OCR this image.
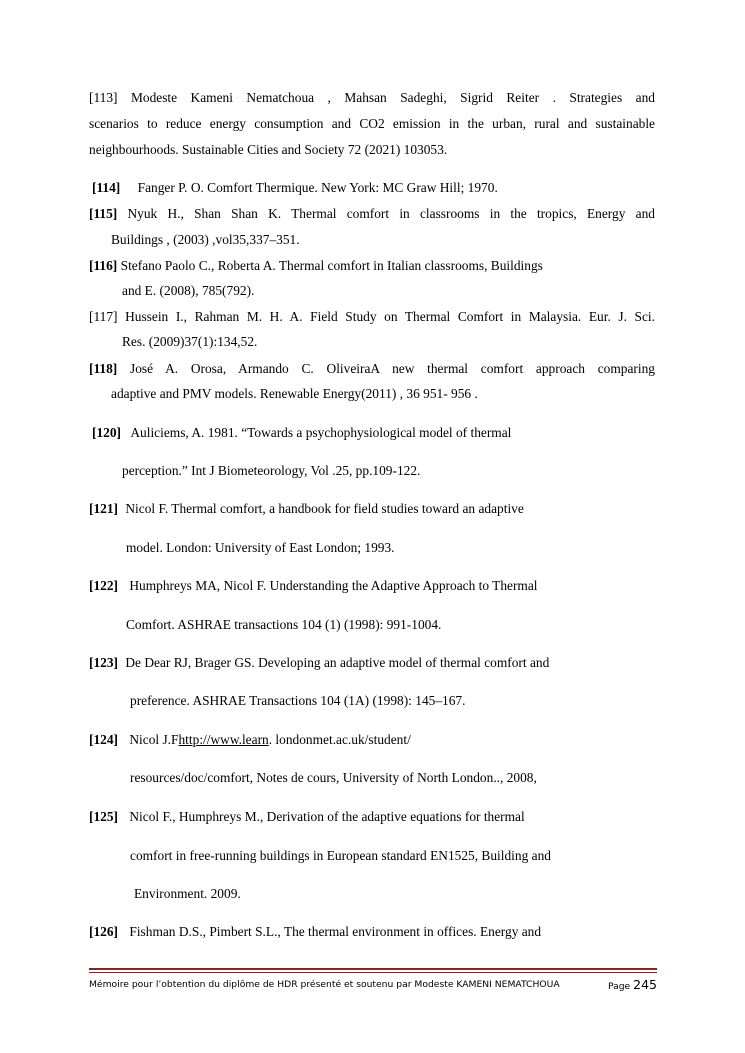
[113] Modeste Kameni Nematchoua , Mahsan Sadeghi, Sigrid Reiter . Strategies and
scenarios to reduce energy consumption and CO2 emission in the urban, rural and sustainable
neighbourhoods. Sustainable Cities and Society 72 (2021) 103053.
[114] Fanger P. O. Comfort Thermique. New York: MC Graw Hill; 1970.
[115] Nyuk H., Shan Shan K. Thermal comfort in classrooms in the tropics, Energy and
Buildings , (2003) ,vol35,337–351.
[116] Stefano Paolo C., Roberta A. Thermal comfort in Italian classrooms, Buildings
and E. (2008), 785(792).
[117] Hussein I., Rahman M. H. A. Field Study on Thermal Comfort in Malaysia. Eur. J. Sci.
Res. (2009)37(1):134,52.
[118] José A. Orosa, Armando C. OliveiraA new thermal comfort approach comparing
adaptive and PMV models. Renewable Energy(2011) , 36 951- 956 .
[120] Auliciems, A. 1981. “Towards a psychophysiological model of thermal
perception.” Int J Biometeorology, Vol .25, pp.109-122.
[121] Nicol F. Thermal comfort, a handbook for field studies toward an adaptive
model. London: University of East London; 1993.
[122] Humphreys MA, Nicol F. Understanding the Adaptive Approach to Thermal
Comfort. ASHRAE transactions 104 (1) (1998): 991-1004.
[123] De Dear RJ, Brager GS. Developing an adaptive model of thermal comfort and
preference. ASHRAE Transactions 104 (1A) (1998): 145–167.
[124] Nicol J.Fhttp://www.learn. londonmet.ac.uk/student/
resources/doc/comfort, Notes de cours, University of North London.., 2008,
[125] Nicol F., Humphreys M., Derivation of the adaptive equations for thermal
comfort in free-running buildings in European standard EN1525, Building and
Environment. 2009.
[126] Fishman D.S., Pimbert S.L., The thermal environment in offices. Energy and
Mémoire pour l’obtention du diplôme de HDR présenté et soutenu par Modeste KAMENI NEMATCHOUA	Page 245
